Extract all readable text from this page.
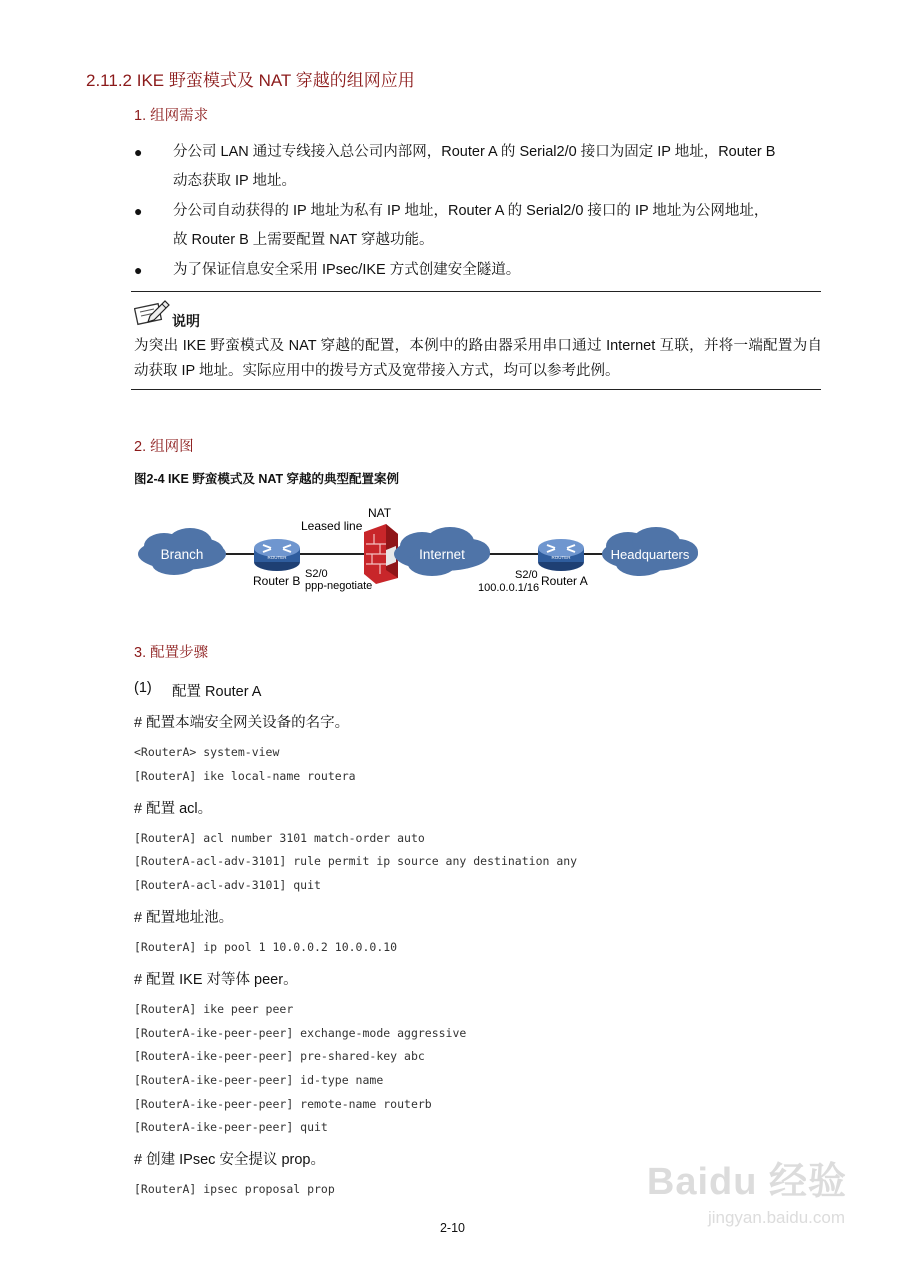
2.11.2 IKE 野蛮模式及 NAT 穿越的组网应用
1. 组网需求
● 分公司 LAN 通过专线接入总公司内部网，Router A 的 Serial2/0 接口为固定 IP 地址，Router B
动态获取 IP 地址。
● 分公司自动获得的 IP 地址为私有 IP 地址，Router A 的 Serial2/0 接口的 IP 地址为公网地址，
故 Router B 上需要配置 NAT 穿越功能。
● 为了保证信息安全采用 IPsec/IKE 方式创建安全隧道。
说明
为突出 IKE 野蛮模式及 NAT 穿越的配置，本例中的路由器采用串口通过 Internet 互联，并将一端配置为自动获取 IP 地址。实际应用中的拨号方式及宽带接入方式，均可以参考此例。
2. 组网图
图2-4 IKE 野蛮模式及 NAT 穿越的典型配置案例
Branch	ROUTER
Router B S2/0
ppp-negotiate
Leased line
NAT
Internet	ROUTER
S2/0
100.0.0.1/16 Router A
Headquarters
3. 配置步骤
(1) 配置 Router A
# 配置本端安全网关设备的名字。
<RouterA> system-view
[RouterA] ike local-name routera
# 配置 acl。
[RouterA] acl number 3101 match-order auto
[RouterA-acl-adv-3101] rule permit ip source any destination any
[RouterA-acl-adv-3101] quit
# 配置地址池。
[RouterA] ip pool 1 10.0.0.2 10.0.0.10
# 配置 IKE 对等体 peer。
[RouterA] ike peer peer
[RouterA-ike-peer-peer] exchange-mode aggressive
[RouterA-ike-peer-peer] pre-shared-key abc
[RouterA-ike-peer-peer] id-type name
[RouterA-ike-peer-peer] remote-name routerb
[RouterA-ike-peer-peer] quit
# 创建 IPsec 安全提议 prop。
[RouterA] ipsec proposal prop
2-10
Baidu 经验
jingyan.baidu.com
